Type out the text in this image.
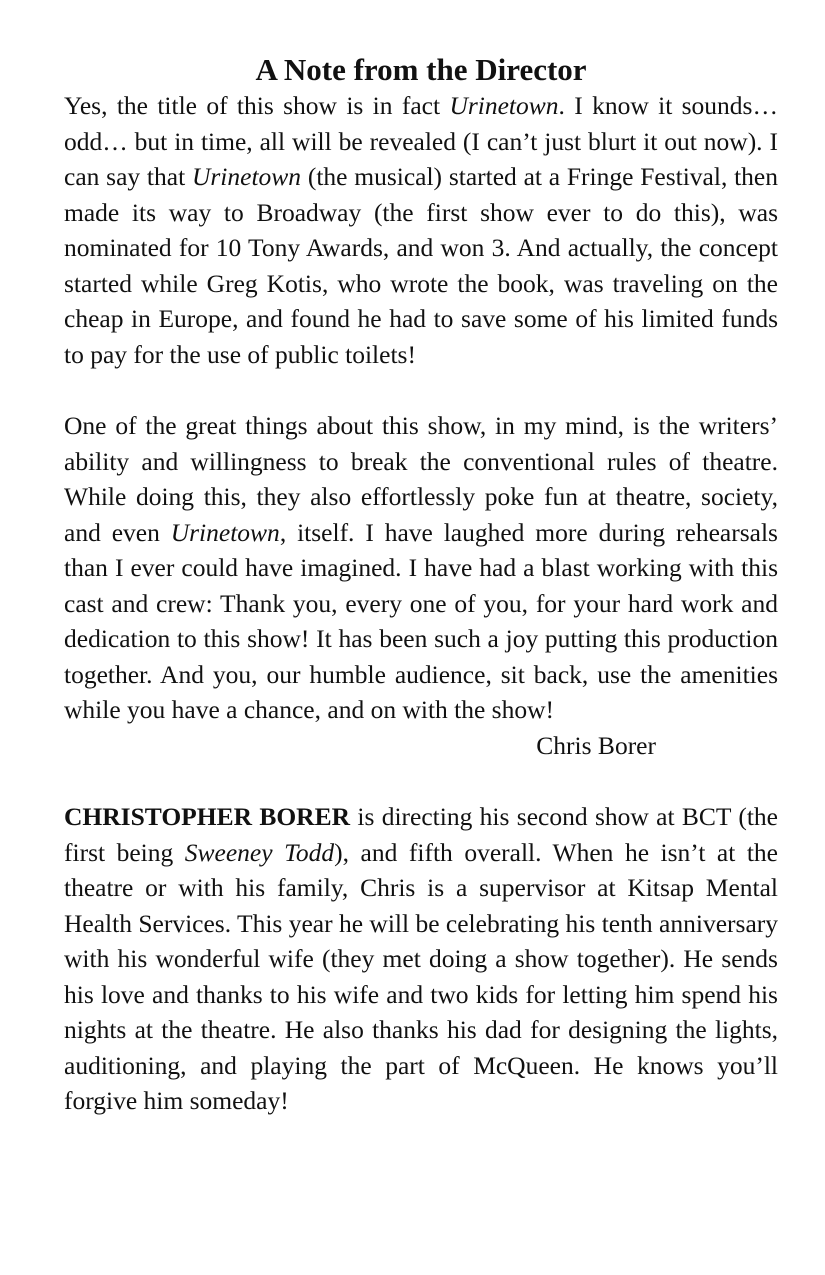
A Note from the Director

Yes, the title of this show is in fact Urinetown. I know it sounds… odd… but in time, all will be revealed (I can’t just blurt it out now). I can say that Urinetown (the musical) started at a Fringe Festival, then made its way to Broadway (the first show ever to do this), was nominated for 10 Tony Awards, and won 3. And actually, the concept started while Greg Kotis, who wrote the book, was traveling on the cheap in Europe, and found he had to save some of his limited funds to pay for the use of public toilets!

One of the great things about this show, in my mind, is the writers’ ability and willingness to break the conventional rules of theatre. While doing this, they also effortlessly poke fun at theatre, society, and even Urinetown, itself. I have laughed more during rehearsals than I ever could have imagined. I have had a blast working with this cast and crew: Thank you, every one of you, for your hard work and dedication to this show! It has been such a joy putting this production together. And you, our humble audience, sit back, use the amenities while you have a chance, and on with the show!

Chris Borer

CHRISTOPHER BORER is directing his second show at BCT (the first being Sweeney Todd), and fifth overall. When he isn’t at the theatre or with his family, Chris is a supervisor at Kitsap Mental Health Services. This year he will be celebrating his tenth anniversary with his wonderful wife (they met doing a show together). He sends his love and thanks to his wife and two kids for letting him spend his nights at the theatre. He also thanks his dad for designing the lights, auditioning, and playing the part of McQueen. He knows you’ll forgive him someday!
